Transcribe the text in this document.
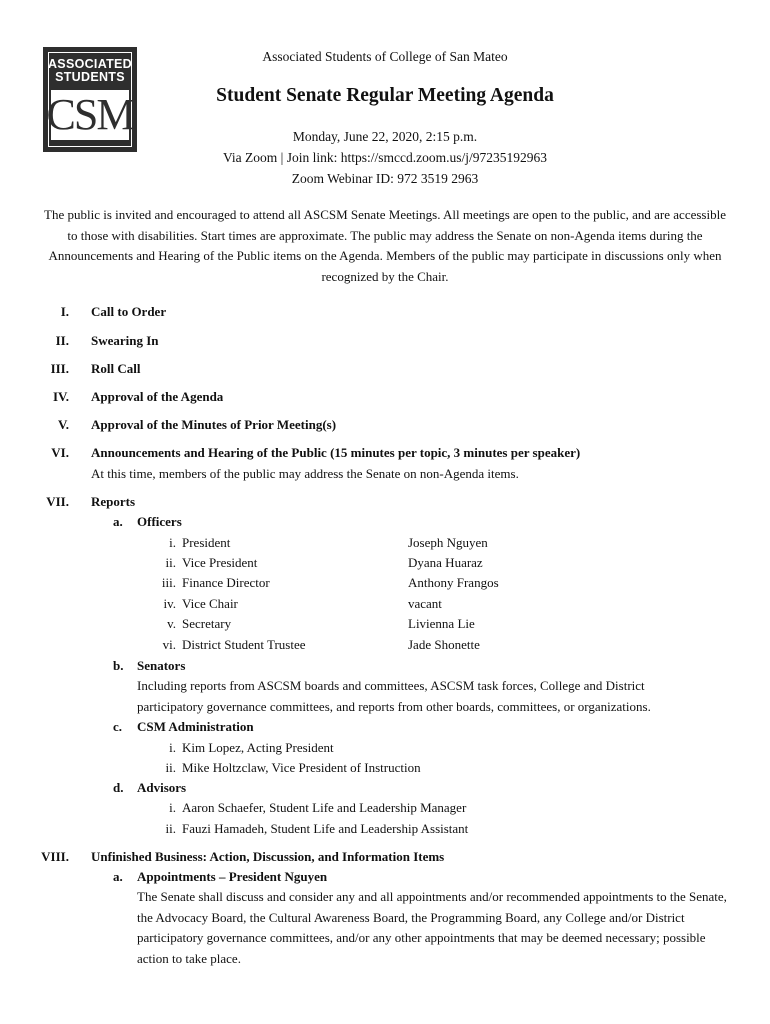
ASSOCIATED
STUDENTS
CSM
Associated Students of College of San Mateo
Student Senate Regular Meeting Agenda
Monday, June 22, 2020, 2:15 p.m.
Via Zoom | Join link: https://smccd.zoom.us/j/97235192963
Zoom Webinar ID: 972 3519 2963
The public is invited and encouraged to attend all ASCSM Senate Meetings. All meetings are open to the public, and are accessible to those with disabilities. Start times are approximate. The public may address the Senate on non-Agenda items during the Announcements and Hearing of the Public items on the Agenda. Members of the public may participate in discussions only when recognized by the Chair.
I. Call to Order
II. Swearing In
III. Roll Call
IV. Approval of the Agenda
V. Approval of the Minutes of Prior Meeting(s)
VI. Announcements and Hearing of the Public (15 minutes per topic, 3 minutes per speaker)
At this time, members of the public may address the Senate on non-Agenda items.
VII. Reports
a. Officers
i. President	Joseph Nguyen
ii. Vice President	Dyana Huaraz
iii. Finance Director	Anthony Frangos
iv. Vice Chair	vacant
v. Secretary	Livienna Lie
vi. District Student Trustee	Jade Shonette
b. Senators
Including reports from ASCSM boards and committees, ASCSM task forces, College and District participatory governance committees, and reports from other boards, committees, or organizations.
c. CSM Administration
i. Kim Lopez, Acting President
ii. Mike Holtzclaw, Vice President of Instruction
d. Advisors
i. Aaron Schaefer, Student Life and Leadership Manager
ii. Fauzi Hamadeh, Student Life and Leadership Assistant
VIII. Unfinished Business: Action, Discussion, and Information Items
a. Appointments – President Nguyen
The Senate shall discuss and consider any and all appointments and/or recommended appointments to the Senate, the Advocacy Board, the Cultural Awareness Board, the Programming Board, any College and/or District participatory governance committees, and/or any other appointments that may be deemed necessary; possible action to take place.
